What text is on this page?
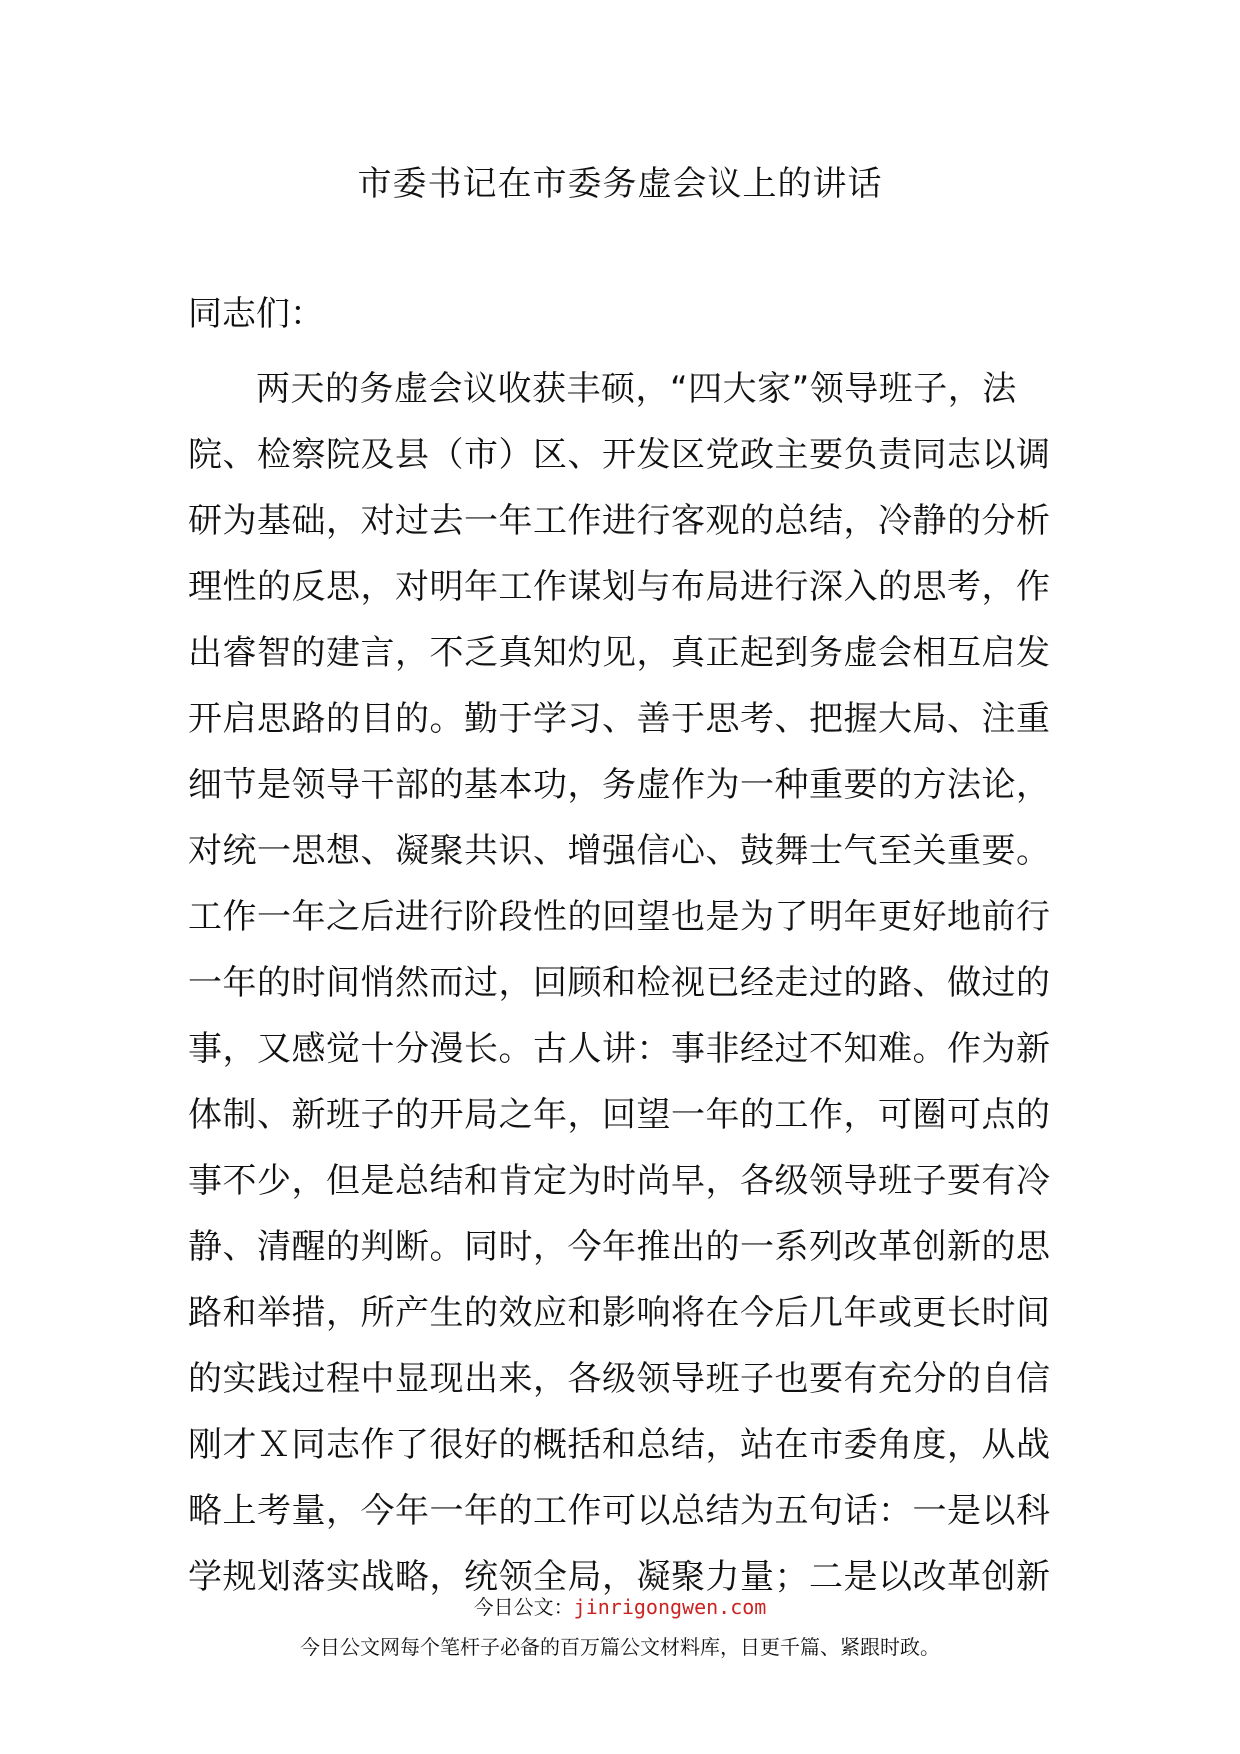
市委书记在市委务虚会议上的讲话
同志们：
两天的务虚会议收获丰硕，“四大家”领导班子，法
院、检察院及县（市）区、开发区党政主要负责同志以调
研为基础，对过去一年工作进行客观的总结，冷静的分析
理性的反思，对明年工作谋划与布局进行深入的思考，作
出睿智的建言，不乏真知灼见，真正起到务虚会相互启发
开启思路的目的。勤于学习、善于思考、把握大局、注重
细节是领导干部的基本功，务虚作为一种重要的方法论，
对统一思想、凝聚共识、增强信心、鼓舞士气至关重要。
工作一年之后进行阶段性的回望也是为了明年更好地前行
一年的时间悄然而过，回顾和检视已经走过的路、做过的
事，又感觉十分漫长。古人讲：事非经过不知难。作为新
体制、新班子的开局之年，回望一年的工作，可圈可点的
事不少，但是总结和肯定为时尚早，各级领导班子要有冷
静、清醒的判断。同时，今年推出的一系列改革创新的思
路和举措，所产生的效应和影响将在今后几年或更长时间
的实践过程中显现出来，各级领导班子也要有充分的自信
刚才Ｘ同志作了很好的概括和总结，站在市委角度，从战
略上考量，今年一年的工作可以总结为五句话：一是以科
学规划落实战略，统领全局，凝聚力量；二是以改革创新
今日公文：jinrigongwen.com
今日公文网每个笔杆子必备的百万篇公文材料库，日更千篇、紧跟时政。
